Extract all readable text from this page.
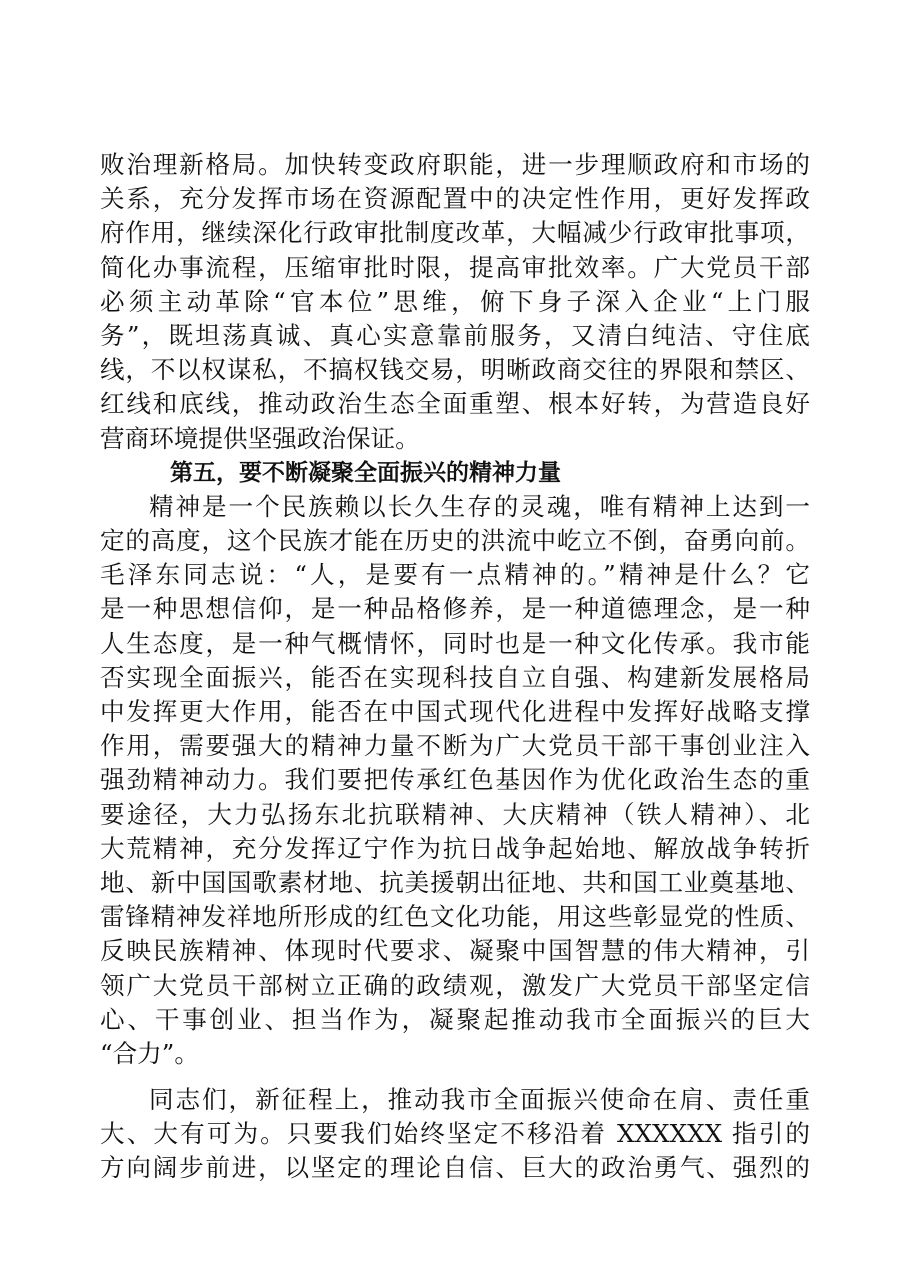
败治理新格局。加快转变政府职能，进一步理顺政府和市场的
关系，充分发挥市场在资源配置中的决定性作用，更好发挥政
府作用，继续深化行政审批制度改革，大幅减少行政审批事项，
简化办事流程，压缩审批时限，提高审批效率。广大党员干部
必须主动革除“官本位”思维，俯下身子深入企业“上门服
务”，既坦荡真诚、真心实意靠前服务，又清白纯洁、守住底
线，不以权谋私，不搞权钱交易，明晰政商交往的界限和禁区、
红线和底线，推动政治生态全面重塑、根本好转，为营造良好
营商环境提供坚强政治保证。
第五，要不断凝聚全面振兴的精神力量
精神是一个民族赖以长久生存的灵魂，唯有精神上达到一
定的高度，这个民族才能在历史的洪流中屹立不倒，奋勇向前。
毛泽东同志说：“人，是要有一点精神的。”精神是什么？它
是一种思想信仰，是一种品格修养，是一种道德理念，是一种
人生态度，是一种气概情怀，同时也是一种文化传承。我市能
否实现全面振兴，能否在实现科技自立自强、构建新发展格局
中发挥更大作用，能否在中国式现代化进程中发挥好战略支撑
作用，需要强大的精神力量不断为广大党员干部干事创业注入
强劲精神动力。我们要把传承红色基因作为优化政治生态的重
要途径，大力弘扬东北抗联精神、大庆精神（铁人精神）、北
大荒精神，充分发挥辽宁作为抗日战争起始地、解放战争转折
地、新中国国歌素材地、抗美援朝出征地、共和国工业奠基地、
雷锋精神发祥地所形成的红色文化功能，用这些彰显党的性质、
反映民族精神、体现时代要求、凝聚中国智慧的伟大精神，引
领广大党员干部树立正确的政绩观，激发广大党员干部坚定信
心、干事创业、担当作为，凝聚起推动我市全面振兴的巨大
“合力”。
同志们，新征程上，推动我市全面振兴使命在肩、责任重
大、大有可为。只要我们始终坚定不移沿着 XXXXXX 指引的
方向阔步前进，以坚定的理论自信、巨大的政治勇气、强烈的
